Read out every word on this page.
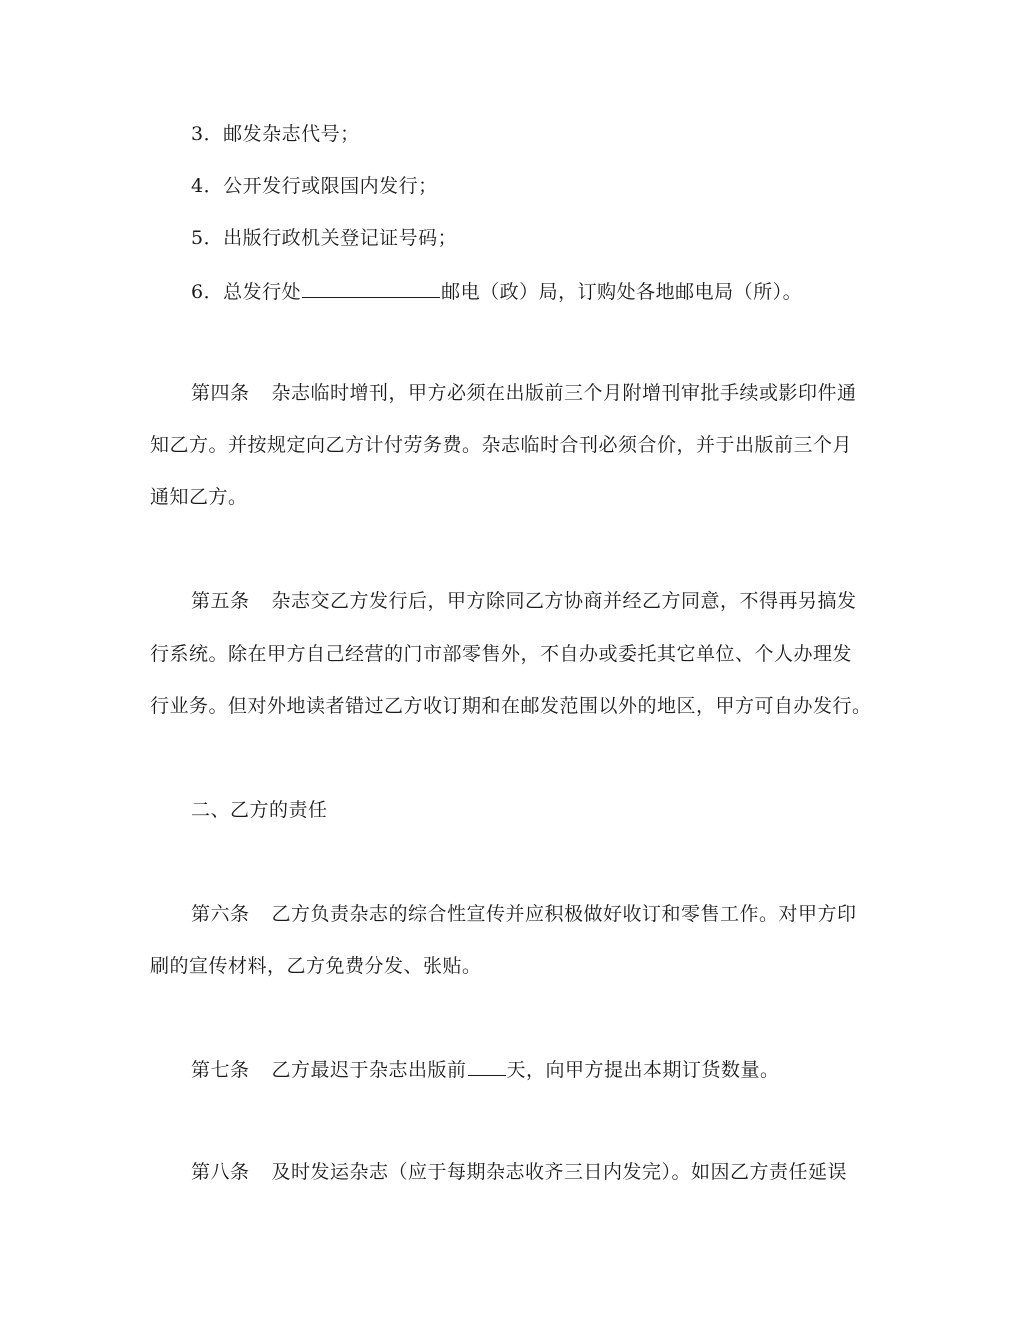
3．邮发杂志代号；
4．公开发行或限国内发行；
5．出版行政机关登记证号码；
6．总发行处	邮电（政）局，订购处各地邮电局（所）。
第四条 杂志临时增刊，甲方必须在出版前三个月附增刊审批手续或影印件通
知乙方。并按规定向乙方计付劳务费。杂志临时合刊必须合价，并于出版前三个月
通知乙方。
第五条 杂志交乙方发行后，甲方除同乙方协商并经乙方同意，不得再另搞发
行系统。除在甲方自己经营的门市部零售外，不自办或委托其它单位、个人办理发
行业务。但对外地读者错过乙方收订期和在邮发范围以外的地区，甲方可自办发行。
二、乙方的责任
第六条 乙方负责杂志的综合性宣传并应积极做好收订和零售工作。对甲方印
刷的宣传材料，乙方免费分发、张贴。
第七条 乙方最迟于杂志出版前 天，向甲方提出本期订货数量。
第八条 及时发运杂志（应于每期杂志收齐三日内发完）。如因乙方责任延误
